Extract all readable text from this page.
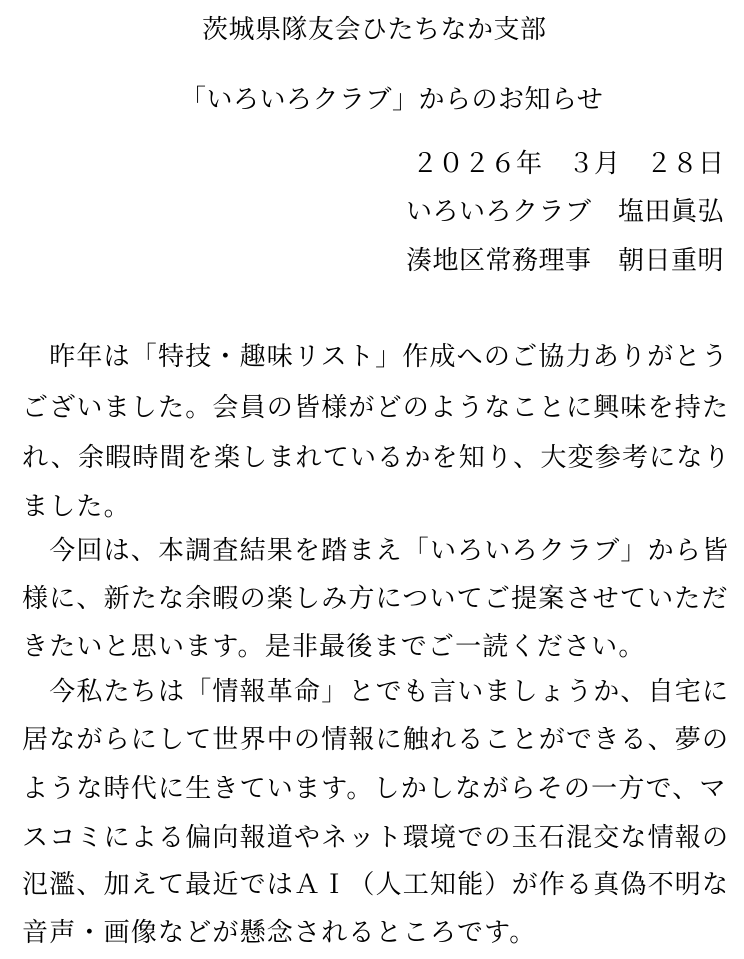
茨城県隊友会ひたちなか支部
「いろいろクラブ」からのお知らせ
２０２６年　３月　２８日
いろいろクラブ　塩田眞弘
湊地区常務理事　朝日重明
　昨年は「特技・趣味リスト」作成へのご協力ありがとう
ございました。会員の皆様がどのようなことに興味を持た
れ、余暇時間を楽しまれているかを知り、大変参考になり
ました。
　今回は、本調査結果を踏まえ「いろいろクラブ」から皆
様に、新たな余暇の楽しみ方についてご提案させていただ
きたいと思います。是非最後までご一読ください。
　今私たちは「情報革命」とでも言いましょうか、自宅に
居ながらにして世界中の情報に触れることができる、夢の
ような時代に生きています。しかしながらその一方で、マ
スコミによる偏向報道やネット環境での玉石混交な情報の
氾濫、加えて最近ではＡＩ（人工知能）が作る真偽不明な
音声・画像などが懸念されるところです。
